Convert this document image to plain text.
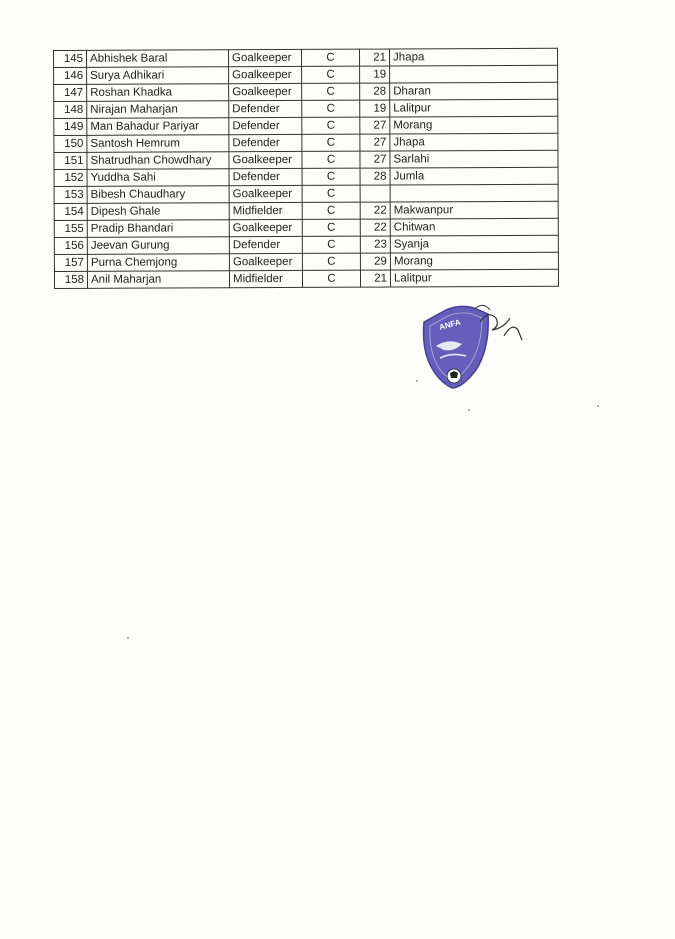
145	Abhishek Baral	Goalkeeper	C	21	Jhapa
146	Surya Adhikari	Goalkeeper	C	19	
147	Roshan Khadka	Goalkeeper	C	28	Dharan
148	Nirajan Maharjan	Defender	C	19	Lalitpur
149	Man Bahadur Pariyar	Defender	C	27	Morang
150	Santosh Hemrum	Defender	C	27	Jhapa
151	Shatrudhan Chowdhary	Goalkeeper	C	27	Sarlahi
152	Yuddha Sahi	Defender	C	28	Jumla
153	Bibesh Chaudhary	Goalkeeper	C		
154	Dipesh Ghale	Midfielder	C	22	Makwanpur
155	Pradip Bhandari	Goalkeeper	C	22	Chitwan
156	Jeevan Gurung	Defender	C	23	Syanja
157	Purna Chemjong	Goalkeeper	C	29	Morang
158	Anil Maharjan	Midfielder	C	21	Lalitpur
ANFA
